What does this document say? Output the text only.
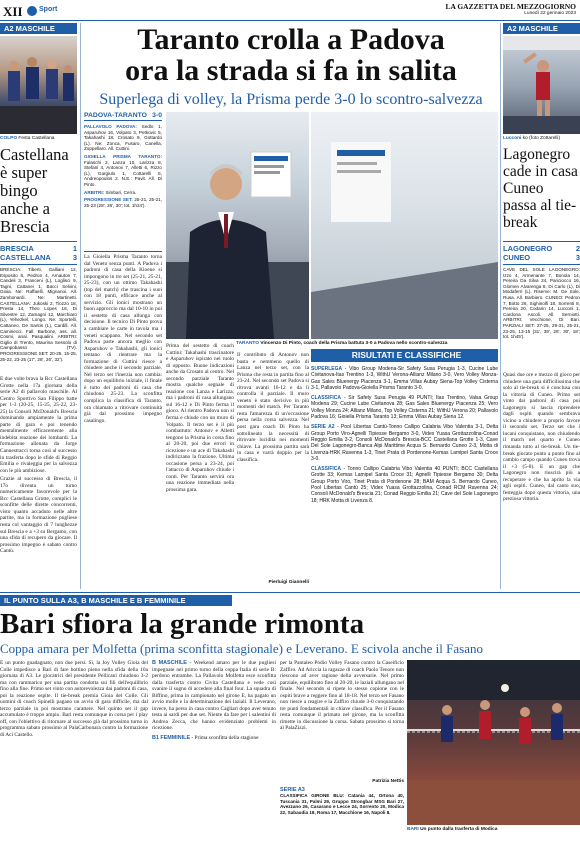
XII Sport	LA GAZZETTA DEL MEZZOGIORNO
Lunedì 22 gennaio 2023
A2 MASCHILE
COLPO Festa Castellana
Castellana è super bingo anche a Brescia
BRESCIA	1
CASTELLANA	3
BRESCIA: Tiberti, Galliani 12, Esposito 8, Pedron 4, Arnauton 7, Candeli 3, Franceni (L), Loglisci 9, Tagni, Cattanei 1, Bacci Selvini, Gioia. Ne: Raffaelli, Mignanoi. All. Zambonardi. Ne: Martinetti. CASTELLANA: Jukoski 2, Tiozzo 18, Presta 14, Theo Lopes 16, Di Silvestre 12, Zamagni 12, Marchiaro (L), Yehezkel, Longo. Ne: Sportelli, Cattaneo, De Santis (L), Cardill. All. Caminecci. Fall. Barbone, ass. all. Cosmi, anal. Pasqualini. ARBITRI: Giglio di Trento, Maurina Sessolo di Campobasso (TV). PROGRESSIONE SET: 20-25, 15-25, 25-22, 23-25 (17', 28', 26', 32').

È due volte brava la Bcc Castellana Grotte nella 17a giornata della serie A2 di pallavolo maschile. Al Centro Sportivo San Filippo batte per 1-3 (20-25, 15-25, 25-22, 23-25) la Consoli McDonald's Brescia dominando ampiamente la prima parte di gara e poi tenendo mentalmente efficacemente alla indebita reazione dei lombardi. La formazione allenata da Jorge Cannestracci torna così al successo in trasferta dopo le sfide di Reggio Emilia e rivaleggia per la salvezza con le più ambiziose.

Grazie al successo di Brescia, il 17o diventa un turno numericamente favorevole per la Bcc Castellana Grotte, complici le sconfitte delle dirette concorrenti, visto quanto accaduto nelle altre partite, ma la formazione pugliese resta col vantaggio di 7 lunghezze sul Brescia e a +3 su Bergamo, con una sfida di recupero da giocare. Il prossimo impegno è sabato contro Cantù.

Taranto crolla a Padova
ora la strada si fa in salita
Superlega di volley, la Prisma perde 3-0 lo scontro-salvezza
PADOVA-TARANTO 3-0

PALLAVOLO PADOVA: Sedlo 1, Asparuhov 16, Volpato 3, Petkovic 5, Takahashi 18, Crosato 9, Gottardo (L). Ne: Zonca, Fusaro, Canella, Zoppellaro. All. Cuttini.

GIOIELLA PRISMA TARANTO: Falaschi 2, Lanza 10, Larizza 8, Stefani 4, Antonov 7, Alletti 6, Rizzo (L), Gargiulo 1, Cottarelli 5, Andreopoulos 2. N.E.: Pavit. All. Di Pinto.

ARBITRI: Simbari, Cerra.

PROGRESSIONE SET: 25-21, 25-21, 25-23 (28', 26', 30'; tot. 1h24').

La Gioiella Prisma Taranto torna dal Veneto senza punti. A Padova i padroni di casa della Kioene si impongono in tre set (25-21, 25-21, 25-23), con un ottimo Takahashi (top del match) che trascina i suoi con 18 punti, efficace anche al servizio. Gli ionici mostrano un buon approccio ma dal 10-10 in poi il sestetto di casa allunga con decisione. Il tecnico Di Pinto prova a cambiare le carte in tavola ma i veneti scappano. Nel secondo set Padova parte ancora meglio con Asparuhov e Takahashi, gli ionici tentano di rientrare ma la formazione di Cuttini riesce a chiudere anche il secondo parziale. Nel terzo set l'inerzia non cambia: dopo un equilibrio iniziale, il finale è tutto dei padroni di casa che chiudono 25-23. La sconfitta complica la classifica di Taranto, ora chiamato a ritrovare continuità già dal prossimo impegno casalingo.
TARANTO Vincenzo Di Pinto, coach della Prisma battuta 3-0 a Padova nello scontro-salvezza
Prima del sestetto di coach Cuttini: Takahashi trascinatore e Asparuhov ispirato nel ruolo di opposto. Buone indicazioni anche da Crosato al centro. Nel secondo parziale Taranto mostra qualche segnale di reazione con Lanza e Larizza, ma i padroni di casa allungano sul 16-12 e Di Pinto ferma il gioco. Al rientro Padova non si ferma e chiude con un muro di Volpato. Il terzo set è il più combattuto: Antonov e Alletti tengono la Prisma in corsa fino al 20-20, poi due errori in ricezione e un ace di Takahashi indirizzano la frazione. Ultima occasione persa a 23-24, poi l'attacco di Asparuhov chiude i conti. Per Taranto servirà ora una reazione immediata nella prossima gara.
Il contributo di Antonov non basta e nemmeno quello di Lanza nel terzo set, con la Prisma che resta in partita fino al 23-24. Nel secondo set Padova si ritrova avanti 16-12 e da lì controlla il parziale. Il muro veneto è stato decisivo in più momenti del match. Per Taranto resta l'amarezza di un'occasione persa nella corsa salvezza. Nel post gara coach Di Pinto ha sottolineato la necessità di ritrovare lucidità nei momenti chiave. La prossima partita sarà in casa e varrà doppio per la classifica.
Pierluigi Giannelli
RISULTATI E CLASSIFICHE

SUPERLEGA - Vibo Group Modena-Sir Safety Susa Perugia 1-3, Cucine Lube Civitanova-Itas Trentino 1-3, WithU Verona-Allianz Milano 3-0, Vero Volley Monza-Gas Sales Bluenergy Piacenza 3-1, Emma Villas Aubay Siena-Top Volley Cisterna 3-1, Pallavolo Padova-Gioiella Prisma Taranto 3-0.

CLASSIFICA - Sir Safety Susa Perugia 49 PUNTI; Itas Trentino, Valsa Group Modena 29; Cucine Lube Civitanova 28; Gas Sales Bluenergy Piacenza 25; Vero Volley Monza 24; Allianz Milano, Top Volley Cisterna 21; WithU Verona 20; Pallavolo Padova 16; Gioiella Prisma Taranto 13; Emma Villas Aubay Siena 12.

SERIE A2 - Pool Libertas Cantù-Tonno Callipo Calabria Vibo Valentia 3-1, Delta Group Porto Viro-Agnelli Tipiesse Bergamo 3-0, Videx Yuasa Grottazzolina-Conad Reggio Emilia 3-2, Consoli McDonald's Brescia-BCC Castellana Grotte 1-3, Cave Del Sole Lagonegro-Banca Alpi Marittime Acqua S. Bernardo Cuneo 2-3, Motta di Livenza-HRK Ravenna 1-3, Tinet Prata di Pordenone-Kemas Lamipel Santa Croce 3-0.

CLASSIFICA - Tonno Callipo Calabria Vibo Valentia 40 PUNTI; BCC Castellana Grotte 33; Kemas Lamipel Santa Croce 31; Agnelli Tipiesse Bergamo 30; Delta Group Porto Viro, Tinet Prata di Pordenone 28; BAM Acqua S. Bernardo Cuneo, Pool Libertas Cantù 25; Videx Yuasa Grottazzolina, Conad RCM Ravenna 24; Consoli McDonald's Brescia 21; Conad Reggio Emilia 21; Cave del Sole Lagonegro 18; HRK Motta di Livenza 8.

A2 MASCHILE
Lucconi ko (foto Zottarelli)
Lagonegro cade in casa Cuneo passa al tie-break
LAGONEGRO	2
CUNEO	3
CAVE DEL SOLE LAGONEGRO: Izzo 4, Armenante 7, Bonola 14, Pereira Da Silva 24, Panciocco 16, Glomen Alvarenga 8, Di Carlo (L), Di Modaferri (L). Riserve: M. Ge Sole, Rusa. All. Barbiero. CUNEO: Pedron 7, Botto 26, Sighinolfi 18, Sorrenti 8, Pereira 20, Codarin 14, Lucconi 1, Cardona Ascoli. All. Serniotti. ARBITRI: Vecchione, Di Bari. PARZIALI SET: 27-25, 29-31, 25-21, 23-25, 13-15 (31', 39', 26', 30', 18'; tot. 1h45').
Quasi due ore e mezzo di gioco per chiudere una gara difficilissima che solo al tie-break si è conclusa con la vittoria di Cuneo. Primo set vinto dai padroni di casa poi Lagonegro si lascia riprendere dagli ospiti quando sembrava vicino a chiudere a proprio favore il secondo set. Terzo set che i lucani conquistano, non chiudendo il match nel quarto e Cuneo rimanda tutto al tie-break. Un tie-break giocato punto a punto fino al cambio campo quando Cuneo trova il +3 (5-8). E un gap che Lagonegro non riuscirà più a recuperare e che ha aprito la via agli ospiti. Cuneo, dal canto suo, festeggia dopo questa vittoria, una preziosa vittoria.
IL PUNTO SULLA A3, B MASCHILE E B FEMMINILE
Bari sfiora la grande rimonta
Coppa amara per Molfetta (prima sconfitta stagionale) e Leverano. E scivola anche il Fasano
È un punto guadagnato, non due persi. Sì, la Joy Volley Gioia del Colle impedisce a Bari di fare bottino pieno nella sfida della 10a giornata di A3. Le giocatrici del presidente Pellicani chiudono 3-2 ma con rammarico per una partita condotta sui fili dell'equilibrio fino alla fine. Primo set vinto con autorevolezza dai padroni di casa, poi la reazione ospite. Il tie-break premia Gioia del Colle. Gli uomini di coach Spinelli pagano un avvio di gara difficile, ma dal terzo parziale in poi mostrano carattere. Nel quinto set il gap accumulato è troppo ampio. Bari resta comunque in corsa per i play off, con l'obiettivo di ritornare al successo già dal prossimo turno in programma sabato prossimo al PalaCarbonara contro la formazione di Aci Castello.
B MASCHILE - Weekend amaro per le due pugliesi impegnate nel primo turno della coppa Italia di serie B: perdono entrambe. La Pallavolo Molfetta esce sconfitta dalla trasferta contro Civita Castellana e vede così svanire il sogno di accedere alla final four. La squadra di Biffino, prima in campionato nel girone E, ha pagato un avvio molle e la determinazione dei laziali. Il Leverano, invece, ha perso in casa contro Cagliari dopo aver tenuto testa ai sardi per due set. Niente da fare per i salentini di Andrea Zecca, che hanno evidenziato problemi in ricezione.
B1 FEMMINILE - Prima sconfitta della stagione
per la Pantaleo Podio Volley Fasano contro la Caseificio Zaffiro. Ad Ariccia la ragazze di coach Paolo Tenore non riescono ad aver ragione della avversarie. Nel primo parziale, equilibrato fino al 20-20, le laziali allungano nel finale. Nel secondo si ripete lo stesso copione con le ospiti brave a reggere fino al 18-18. Nel terzo set Fasano non riesce a reagire e la Zaffiro chiude 3-0 conquistando tre punti fondamentali in chiave classifica. Per il Fasano resta comunque il primato nel girone, ma la sconfitta rimette in discussione la corsa. Sabato prossimo si torna al PalaZizzi.
Patrizia Nettis
SERIE A3
CLASSIFICA GIRONE BLU: Catania 44, Ortona 40, Tuscania 31, Palmi 29, Gruppo Strongbar MSG Bari 27, Avezzano 26, Casarano e Lecce 24, Sorrento 20, Modica 22, Sabaudia 18, Roma 17, Macchione 16, Napoli 8.
BARI Un punto dalla trasferta di Modica
